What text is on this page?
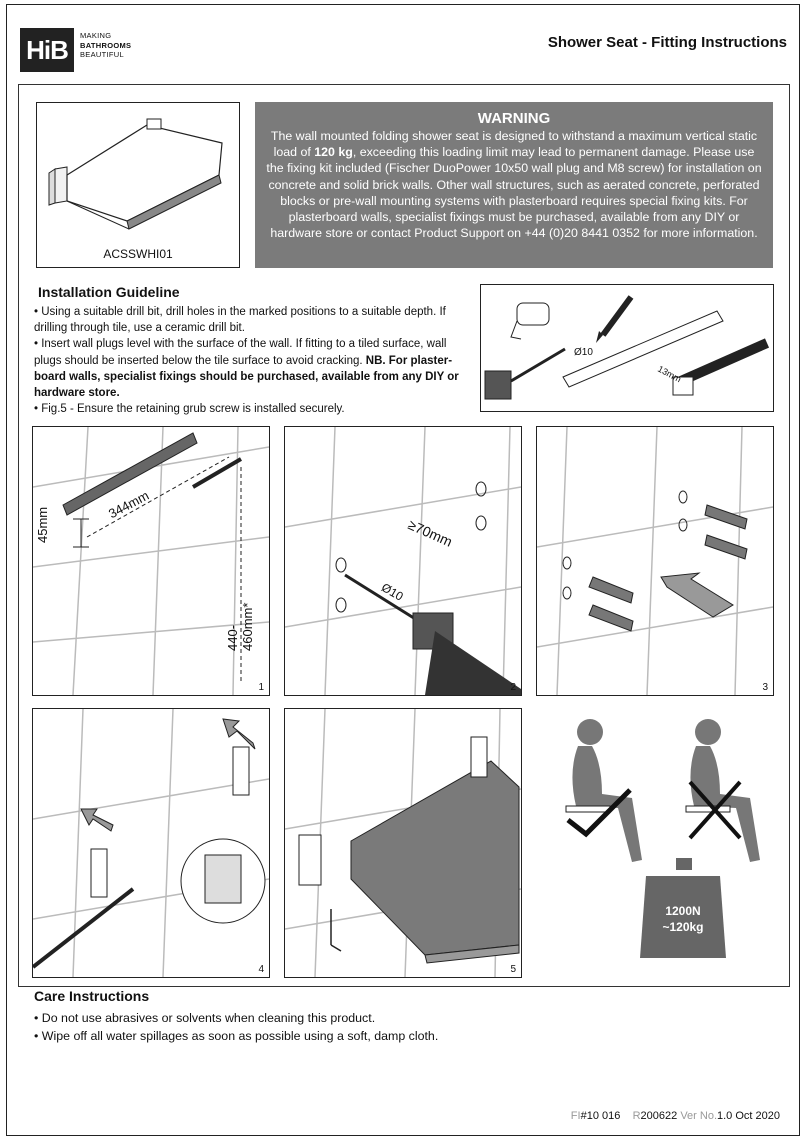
HiB	MAKING
BATHROOMS
BEAUTIFUL
Shower Seat - Fitting Instructions
ACSSWHI01
WARNING
The wall mounted folding shower seat is designed to withstand a maximum vertical static load of 120 kg, exceeding this loading limit may lead to permanent damage. Please use the fixing kit included (Fischer DuoPower 10x50 wall plug and M8 screw) for installation on concrete and solid brick walls. Other wall structures, such as aerated concrete, perforated blocks or pre-wall mounting systems with plasterboard requires special fixing kits. For plasterboard walls, specialist fixings must be purchased, available from any DIY or hardware store or contact Product Support on +44 (0)20 8441 0352 for more information.
Installation Guideline
• Using a suitable drill bit, drill holes in the marked positions to a suitable depth. If drilling through tile, use a ceramic drill bit.
• Insert wall plugs level with the surface of the wall. If fitting to a tiled surface, wall plugs should be inserted below the tile surface to avoid cracking. NB. For plaster-board walls, specialist fixings should be purchased, available from any DIY or hardware store.
• Fig.5 - Ensure the retaining grub screw is installed securely.
Ø10
13mm
344mm
45mm
440-460mm*
1
≥70mm
Ø10
2	3
4	5
1200N
~120kg
Care Instructions
• Do not use abrasives or solvents when cleaning this product.
• Wipe off all water spillages as soon as possible using a soft, damp cloth.
FI#10 016 R200622 Ver No.1.0 Oct 2020
